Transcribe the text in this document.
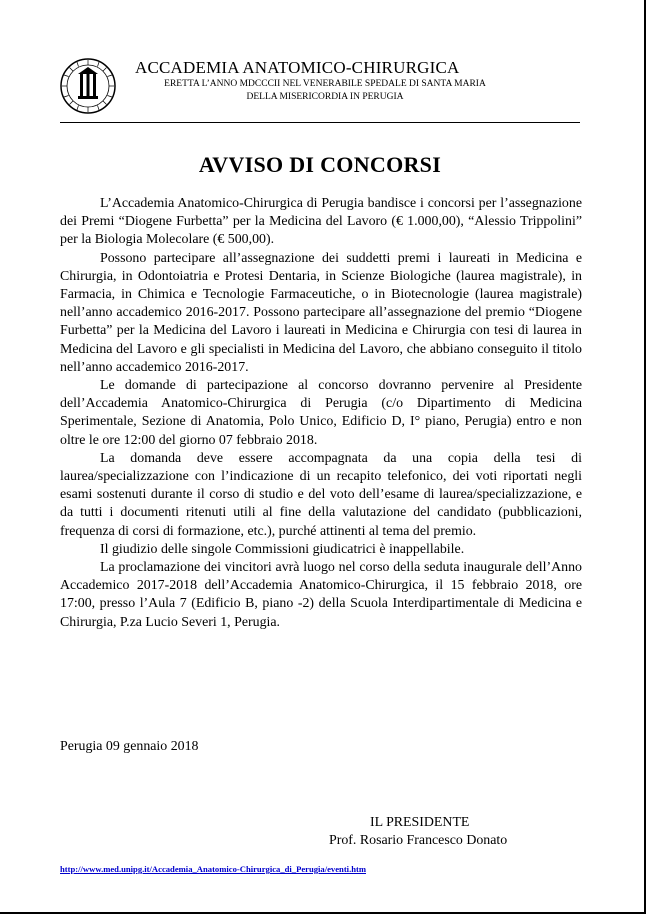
ACCADEMIA ANATOMICO-CHIRURGICA
ERETTA L’ANNO MDCCCII NEL VENERABILE SPEDALE DI SANTA MARIA
DELLA MISERICORDIA IN PERUGIA
AVVISO DI CONCORSI

L’Accademia Anatomico-Chirurgica di Perugia bandisce i concorsi per l’assegnazione dei Premi “Diogene Furbetta” per la Medicina del Lavoro (€ 1.000,00), “Alessio Trippolini” per la Biologia Molecolare (€ 500,00).

Possono partecipare all’assegnazione dei suddetti premi i laureati in Medicina e Chirurgia, in Odontoiatria e Protesi Dentaria, in Scienze Biologiche (laurea magistrale), in Farmacia, in Chimica e Tecnologie Farmaceutiche, o in Biotecnologie (laurea magistrale) nell’anno accademico 2016-2017. Possono partecipare all’assegnazione del premio “Diogene Furbetta” per la Medicina del Lavoro i laureati in Medicina e Chirurgia con tesi di laurea in Medicina del Lavoro e gli specialisti in Medicina del Lavoro, che abbiano conseguito il titolo nell’anno accademico 2016-2017.

Le domande di partecipazione al concorso dovranno pervenire al Presidente dell’Accademia Anatomico-Chirurgica di Perugia (c/o Dipartimento di Medicina Sperimentale, Sezione di Anatomia, Polo Unico, Edificio D, I° piano, Perugia) entro e non oltre le ore 12:00 del giorno 07 febbraio 2018.

La domanda deve essere accompagnata da una copia della tesi di laurea/specializzazione con l’indicazione di un recapito telefonico, dei voti riportati negli esami sostenuti durante il corso di studio e del voto dell’esame di laurea/specializzazione, e da tutti i documenti ritenuti utili al fine della valutazione del candidato (pubblicazioni, frequenza di corsi di formazione, etc.), purché attinenti al tema del premio.

Il giudizio delle singole Commissioni giudicatrici è inappellabile.

La proclamazione dei vincitori avrà luogo nel corso della seduta inaugurale dell’Anno Accademico 2017-2018 dell’Accademia Anatomico-Chirurgica, il 15 febbraio 2018, ore 17:00, presso l’Aula 7 (Edificio B, piano -2) della Scuola Interdipartimentale di Medicina e Chirurgia, P.za Lucio Severi 1, Perugia.

Perugia 09 gennaio 2018
IL PRESIDENTE
Prof. Rosario Francesco Donato
http://www.med.unipg.it/Accademia_Anatomico-Chirurgica_di_Perugia/eventi.htm
